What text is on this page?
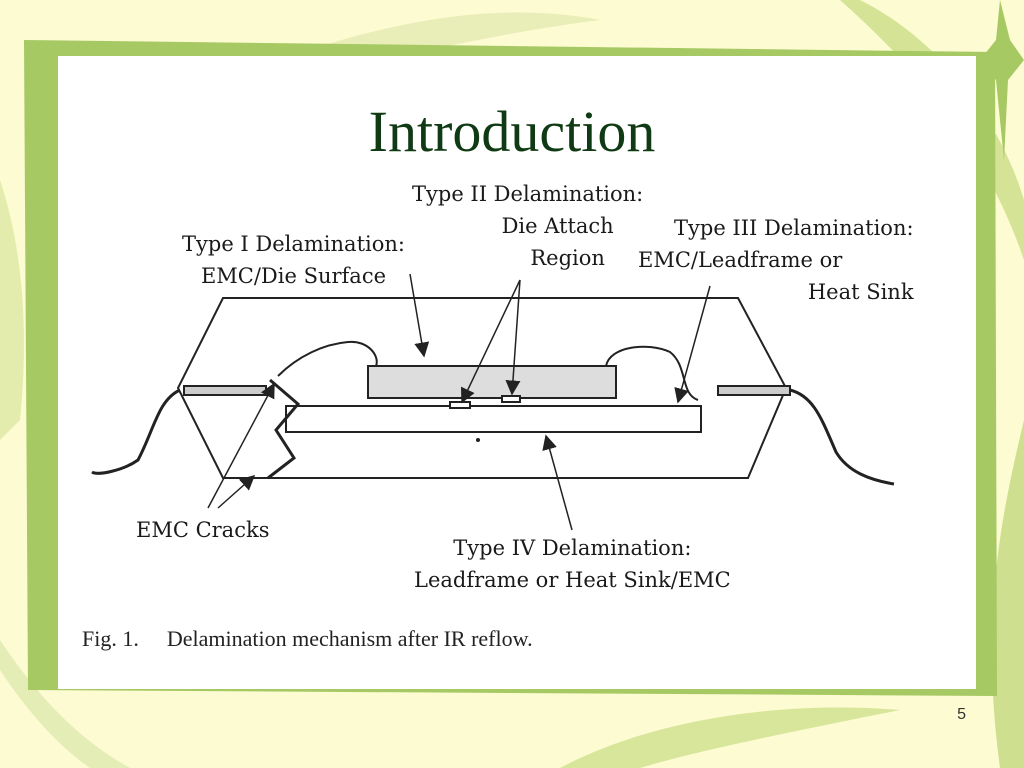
Introduction
Type II Delamination:
Die Attach
Region
Type I Delamination:
EMC/Die Surface
Type III Delamination:
EMC/Leadframe or
Heat Sink
EMC Cracks
Type IV Delamination:
Leadframe or Heat Sink/EMC
Fig. 1. Delamination mechanism after IR reflow.
5
